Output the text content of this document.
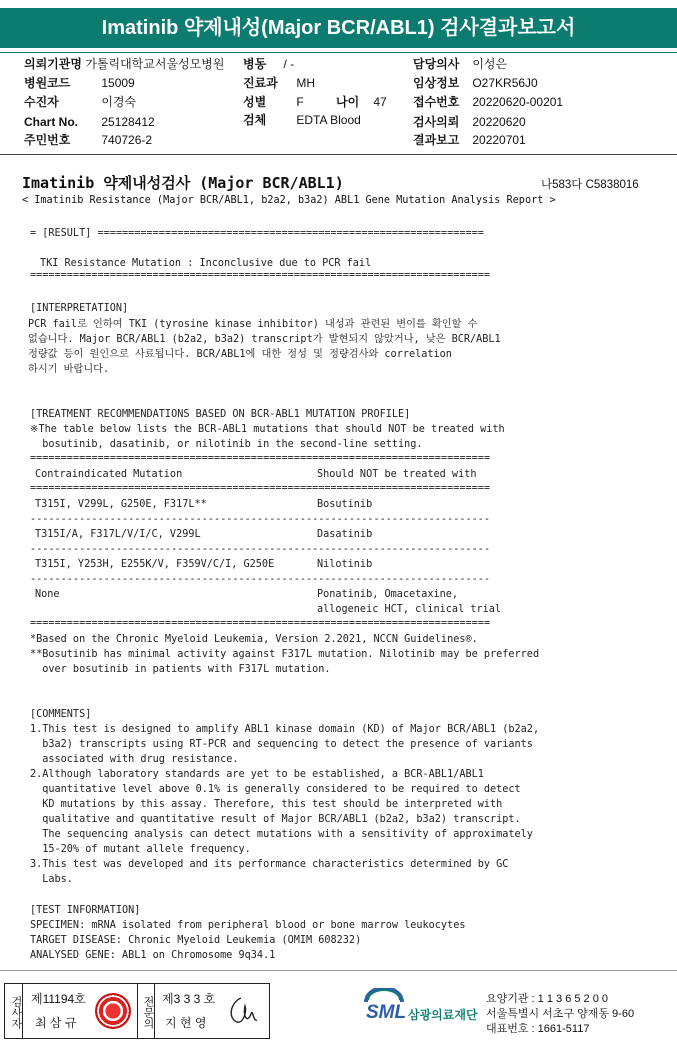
Imatinib 약제내성(Major BCR/ABL1) 검사결과보고서
의뢰기관명 가톨릭대학교서울성모병원 병동 / -	담당의사 이성은
병원코드	15009	진료과 MH	임상정보 O27KR56J0
수진자	이경숙	성별	F	나이 47 접수번호 20220620-00201
Chart No. 25128412	검체	EDTA Blood	검사의뢰 20220620
주민번호	740726-2	결과보고 20220701
Imatinib 약제내성검사 (Major BCR/ABL1)	나583다 C5838016
< Imatinib Resistance (Major BCR/ABL1, b2a2, b3a2) ABL1 Gene Mutation Analysis Report >
= [RESULT] ===============================================================
TKI Resistance Mutation : Inconclusive due to PCR fail
===========================================================================
[INTERPRETATION]
PCR fail로 인하여 TKI (tyrosine kinase inhibitor) 내성과 관련된 변이를 확인할 수
없습니다. Major BCR/ABL1 (b2a2, b3a2) transcript가 발현되지 않았거나, 낮은 BCR/ABL1
정량값 등이 원인으로 사료됩니다. BCR/ABL1에 대한 정성 및 정량검사와 correlation
하시기 바랍니다.
[TREATMENT RECOMMENDATIONS BASED ON BCR-ABL1 MUTATION PROFILE]
※The table below lists the BCR-ABL1 mutations that should NOT be treated with
bosutinib, dasatinib, or nilotinib in the second-line setting.
===========================================================================
Contraindicated Mutation	Should NOT be treated with
===========================================================================
T315I, V299L, G250E, F317L**	Bosutinib
---------------------------------------------------------------------------
T315I/A, F317L/V/I/C, V299L	Dasatinib
---------------------------------------------------------------------------
T315I, Y253H, E255K/V, F359V/C/I, G250E	Nilotinib
---------------------------------------------------------------------------
None	Ponatinib, Omacetaxine,
allogeneic HCT, clinical trial
===========================================================================
*Based on the Chronic Myeloid Leukemia, Version 2.2021, NCCN Guidelines®.
**Bosutinib has minimal activity against F317L mutation. Nilotinib may be preferred
over bosutinib in patients with F317L mutation.
[COMMENTS]
1.This test is designed to amplify ABL1 kinase domain (KD) of Major BCR/ABL1 (b2a2,
b3a2) transcripts using RT-PCR and sequencing to detect the presence of variants
associated with drug resistance.
2.Although laboratory standards are yet to be established, a BCR-ABL1/ABL1
quantitative level above 0.1% is generally considered to be required to detect
KD mutations by this assay. Therefore, this test should be interpreted with
qualitative and quantitative result of Major BCR/ABL1 (b2a2, b3a2) transcript.
The sequencing analysis can detect mutations with a sensitivity of approximately
15-20% of mutant allele frequency.
3.This test was developed and its performance characteristics determined by GC
Labs.
[TEST INFORMATION]
SPECIMEN: mRNA isolated from peripheral blood or bone marrow leukocytes
TARGET DISEASE: Chronic Myeloid Leukemia (OMIM 608232)
ANALYSED GENE: ABL1 on Chromosome 9q34.1
검사자 제11194호
최 삼 규	전문의 제3 3 3 호
지 현 영	SML 삼광의료재단
요양기관 : 1 1 3 6 5 2 0 0
서울특별시 서초구 양재동 9-60
대표번호 : 1661-5117
